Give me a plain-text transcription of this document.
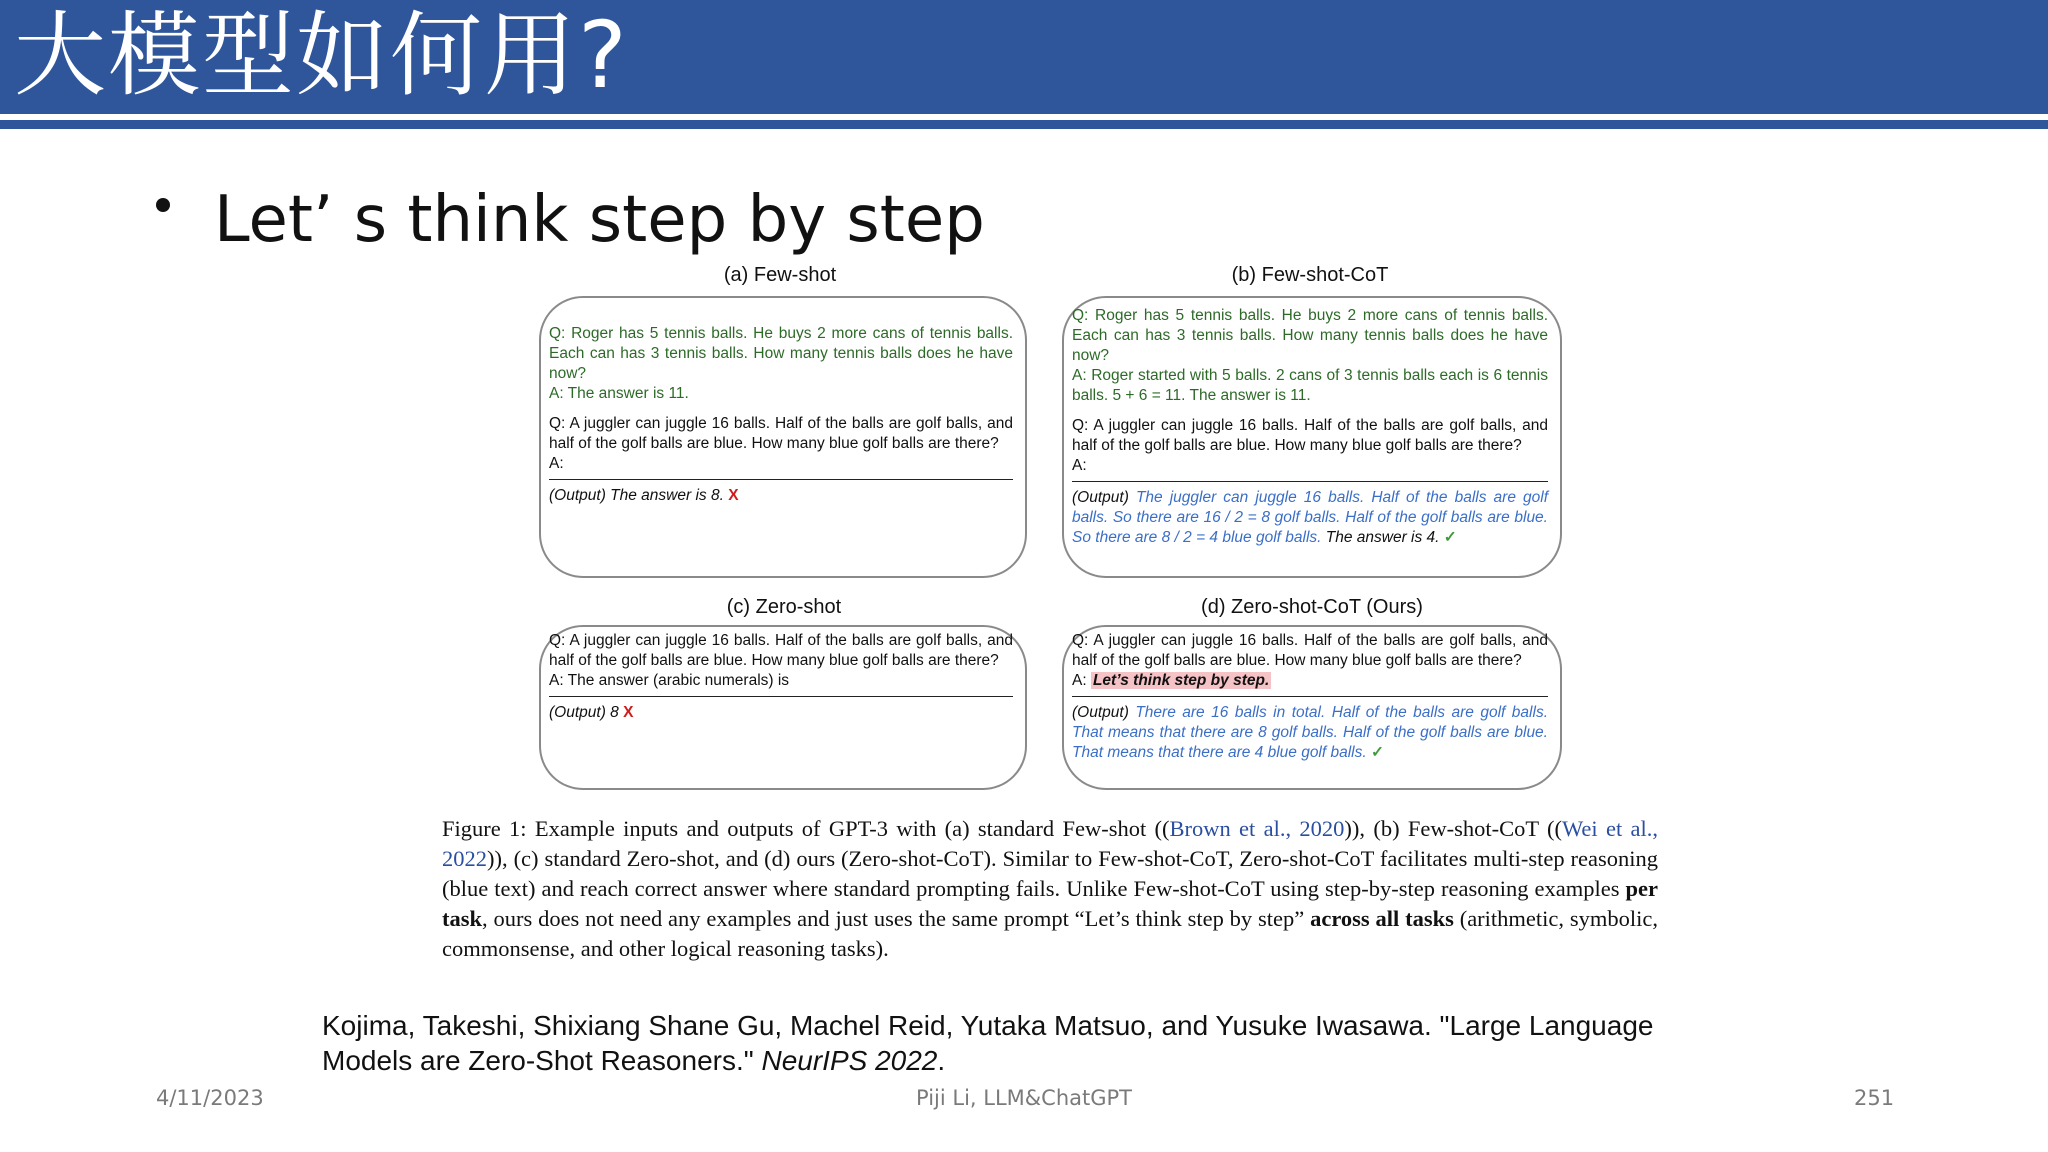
大模型如何用?
Let’ s think step by step
(a) Few-shot
Q: Roger has 5 tennis balls. He buys 2 more cans of tennis balls. Each can has 3 tennis balls. How many tennis balls does he have now?
A: The answer is 11.
Q: A juggler can juggle 16 balls. Half of the balls are golf balls, and half of the golf balls are blue. How many blue golf balls are there?
A:
(Output) The answer is 8. X
(b) Few-shot-CoT
Q: Roger has 5 tennis balls. He buys 2 more cans of tennis balls. Each can has 3 tennis balls. How many tennis balls does he have now?
A: Roger started with 5 balls. 2 cans of 3 tennis balls each is 6 tennis balls. 5 + 6 = 11. The answer is 11.
Q: A juggler can juggle 16 balls. Half of the balls are golf balls, and half of the golf balls are blue. How many blue golf balls are there?
A:
(Output) The juggler can juggle 16 balls. Half of the balls are golf balls. So there are 16 / 2 = 8 golf balls. Half of the golf balls are blue. So there are 8 / 2 = 4 blue golf balls. The answer is 4. ✓
(c) Zero-shot
Q: A juggler can juggle 16 balls. Half of the balls are golf balls, and half of the golf balls are blue. How many blue golf balls are there?
A: The answer (arabic numerals) is
(Output) 8 X
(d) Zero-shot-CoT (Ours)
Q: A juggler can juggle 16 balls. Half of the balls are golf balls, and half of the golf balls are blue. How many blue golf balls are there?
A: Let’s think step by step.
(Output) There are 16 balls in total. Half of the balls are golf balls. That means that there are 8 golf balls. Half of the golf balls are blue. That means that there are 4 blue golf balls. ✓
Figure 1: Example inputs and outputs of GPT-3 with (a) standard Few-shot ((Brown et al., 2020)), (b) Few-shot-CoT ((Wei et al., 2022)), (c) standard Zero-shot, and (d) ours (Zero-shot-CoT). Similar to Few-shot-CoT, Zero-shot-CoT facilitates multi-step reasoning (blue text) and reach correct answer where standard prompting fails. Unlike Few-shot-CoT using step-by-step reasoning examples per task, ours does not need any examples and just uses the same prompt “Let’s think step by step” across all tasks (arithmetic, symbolic, commonsense, and other logical reasoning tasks).
Kojima, Takeshi, Shixiang Shane Gu, Machel Reid, Yutaka Matsuo, and Yusuke Iwasawa. "Large Language Models are Zero-Shot Reasoners." NeurIPS 2022.
4/11/2023	Piji Li, LLM&ChatGPT	251
